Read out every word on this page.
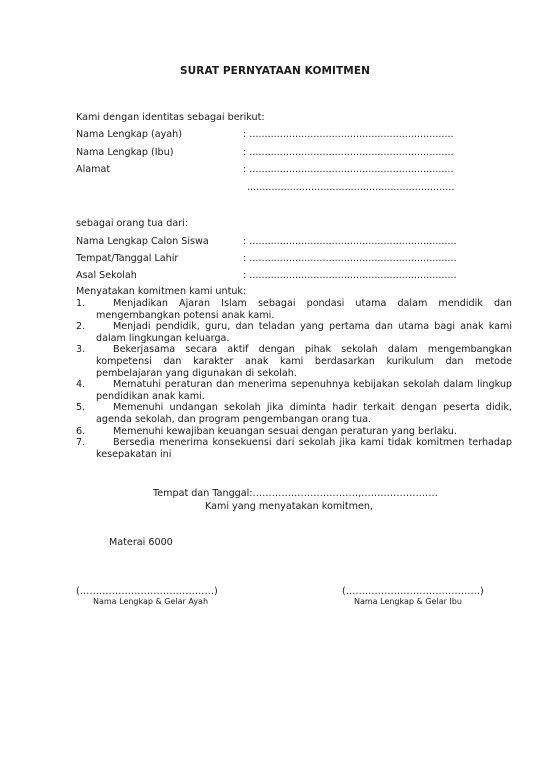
SURAT PERNYATAAN KOMITMEN
Kami dengan identitas sebagai berikut:
Nama Lengkap (ayah)	: ...................................................................
Nama Lengkap (Ibu)	: ...................................................................
Alamat	: ...................................................................
....................................................................
sebagai orang tua dari:
Nama Lengkap Calon Siswa	: ....................................................................
Tempat/Tanggal Lahir	: ....................................................................
Asal Sekolah	: ....................................................................
Menyatakan komitmen kami untuk:
1.	Menjadikan Ajaran Islam sebagai pondasi utama dalam mendidik dan mengembangkan potensi anak kami.
2.	Menjadi pendidik, guru, dan teladan yang pertama dan utama bagi anak kami dalam lingkungan keluarga.
3.	Bekerjasama secara aktif dengan pihak sekolah dalam mengembangkan kompetensi dan karakter anak kami berdasarkan kurikulum dan metode pembelajaran yang digunakan di sekolah.
4.	Mematuhi peraturan dan menerima sepenuhnya kebijakan sekolah dalam lingkup pendidikan anak kami.
5.	Memenuhi undangan sekolah jika diminta hadir terkait dengan peserta didik, agenda sekolah, dan program pengembangan orang tua.
6.	Memenuhi kewajiban keuangan sesuai dengan peraturan yang berlaku.
7.	Bersedia menerima konsekuensi dari sekolah jika kami tidak komitmen terhadap kesepakatan ini
Tempat dan Tanggal:……………………………,……………………
Kami yang menyatakan komitmen,
Materai 6000
(……………………………………)	(……………………………………)
Nama Lengkap & Gelar Ayah	Nama Lengkap & Gelar Ibu
